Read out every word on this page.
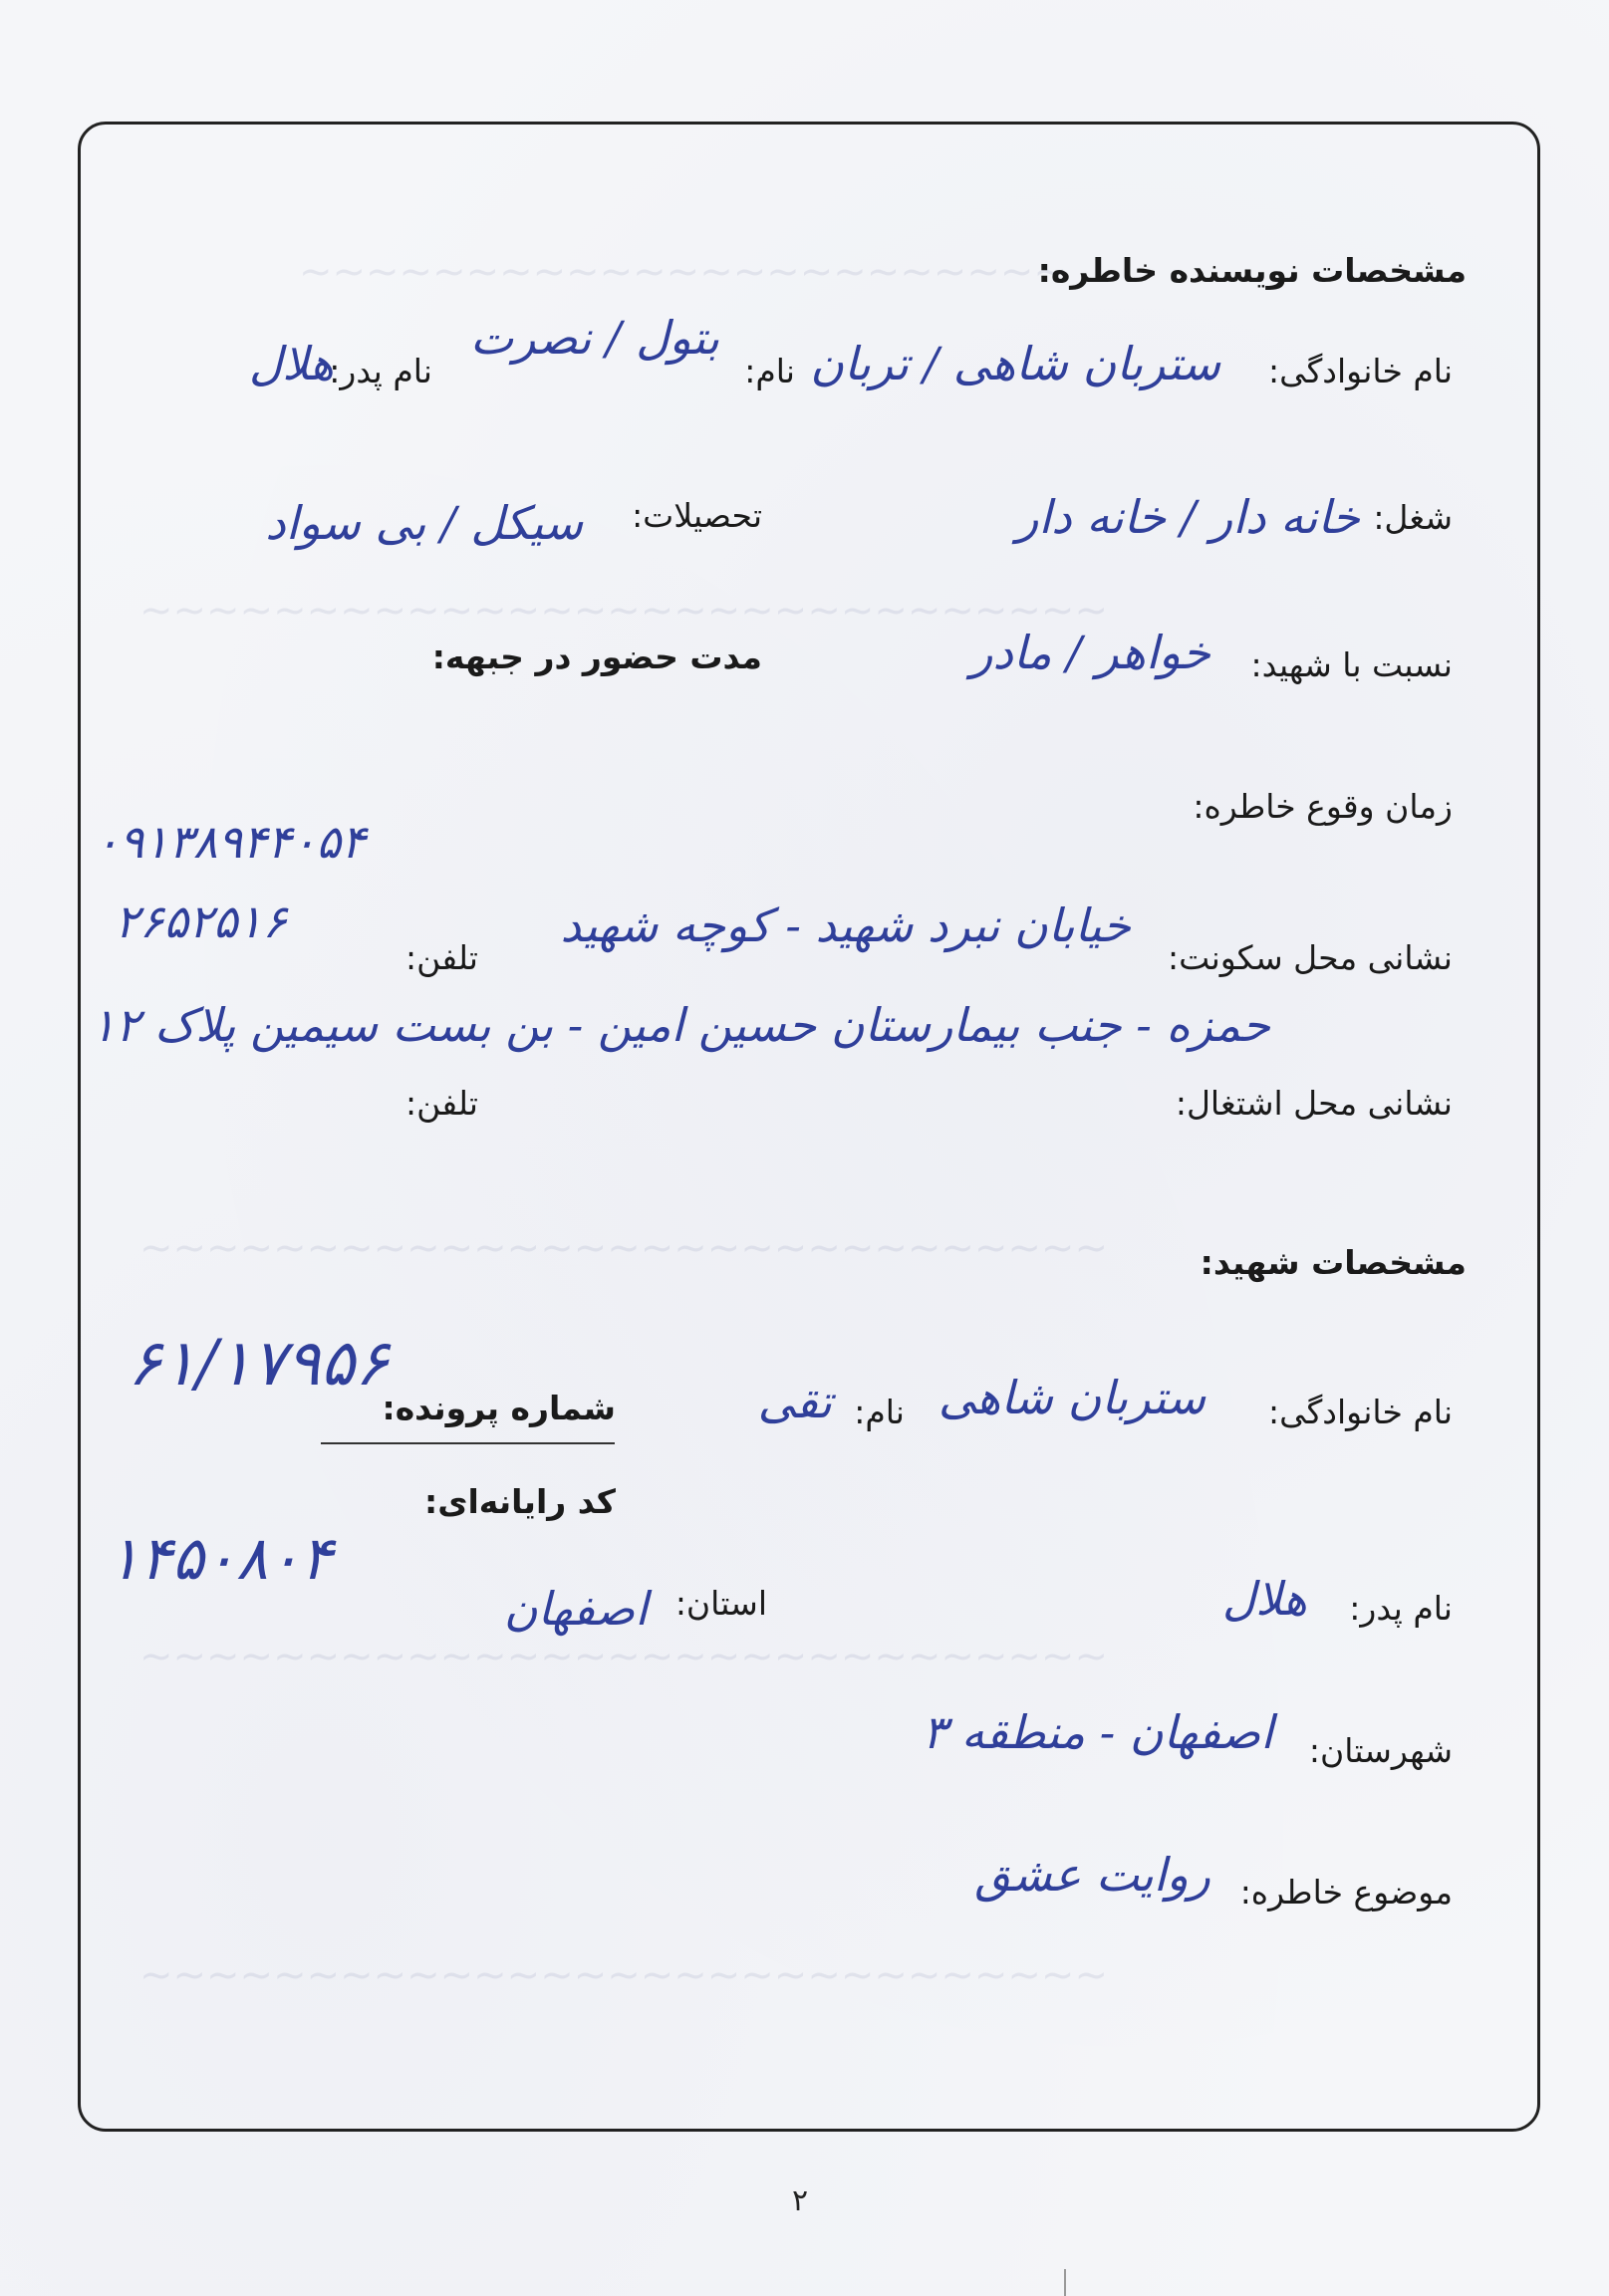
~~~~~~~~~~~~~~~~~~~~~~~
~~~~~~~~~~~~~~~~~~~~~~~~~~~~~
~~~~~~~~~~~~~~~~~~~~~~~~~~~~~
~~~~~~~~~~~~~~~~~~~~~~~~~~~~~
~~~~~~~~~~~~~~~~~~~~~~~~~~~~~
مشخصات نویسنده خاطره:
نام خانوادگی:
ستربان شاهی / تربان
نام:
بتول / نصرت
نام پدر:
هلال
شغل:
خانه دار / خانه دار
تحصیلات:
سیکل / بی سواد
نسبت با شهید:
خواهر / مادر
مدت حضور در جبهه:
زمان وقوع خاطره:
۰۹۱۳۸۹۴۴۰۵۴
۲۶۵۲۵۱۶
نشانی محل سکونت:
خیابان نبرد شهید - کوچه شهید
تلفن:
حمزه - جنب بیمارستان حسین امین - بن بست سیمین پلاک ۱۲
نشانی محل اشتغال:
تلفن:
مشخصات شهید:
۶۱/۱۷۹۵۶
شماره پرونده:	نام خانوادگی:
ستربان شاهی
نام:
تقی
کد رایانه‌ای:
۱۴۵۰۸۰۴
نام پدر:
هلال
استان:
اصفهان
شهرستان:
اصفهان - منطقه ۳
موضوع خاطره:
روایت عشق
۲
